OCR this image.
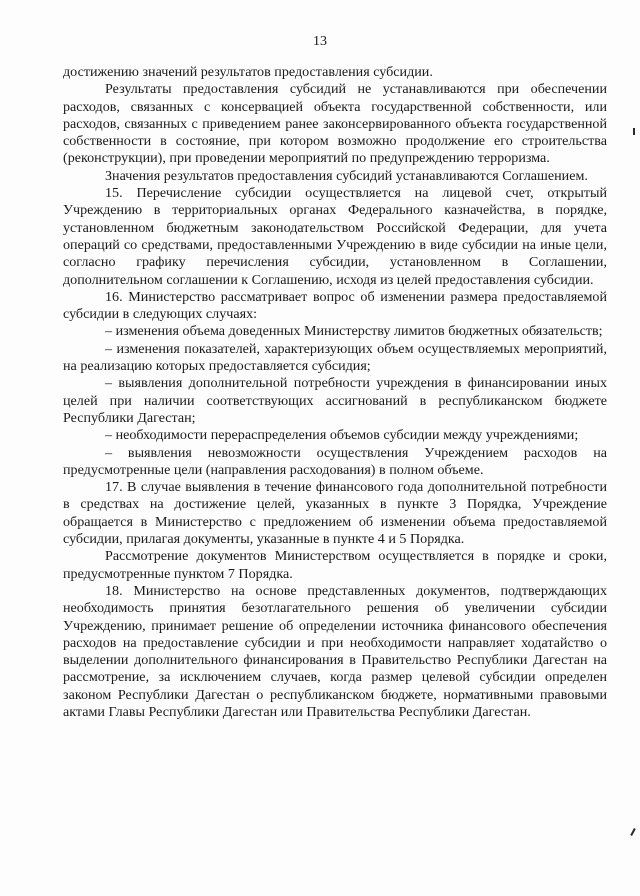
13

достижению значений результатов предоставления субсидии.

Результаты предоставления субсидий не устанавливаются при обеспечении расходов, связанных с консервацией объекта государственной собственности, или расходов, связанных с приведением ранее законсервированного объекта государственной собственности в состояние, при котором возможно продолжение его строительства (реконструкции), при проведении мероприятий по предупреждению терроризма.

Значения результатов предоставления субсидий устанавливаются Соглашением.

15. Перечисление субсидии осуществляется на лицевой счет, открытый Учреждению в территориальных органах Федерального казначейства, в порядке, установленном бюджетным законодательством Российской Федерации, для учета операций со средствами, предоставленными Учреждению в виде субсидии на иные цели, согласно графику перечисления субсидии, установленном в Соглашении, дополнительном соглашении к Соглашению, исходя из целей предоставления субсидии.

16. Министерство рассматривает вопрос об изменении размера предоставляемой субсидии в следующих случаях:

– изменения объема доведенных Министерству лимитов бюджетных обязательств;

– изменения показателей, характеризующих объем осуществляемых мероприятий, на реализацию которых предоставляется субсидия;

– выявления дополнительной потребности учреждения в финансировании иных целей при наличии соответствующих ассигнований в республиканском бюджете Республики Дагестан;

– необходимости перераспределения объемов субсидии между учреждениями;

– выявления невозможности осуществления Учреждением расходов на предусмотренные цели (направления расходования) в полном объеме.

17. В случае выявления в течение финансового года дополнительной потребности в средствах на достижение целей, указанных в пункте 3 Порядка, Учреждение обращается в Министерство с предложением об изменении объема предоставляемой субсидии, прилагая документы, указанные в пункте 4 и 5 Порядка.

Рассмотрение документов Министерством осуществляется в порядке и сроки, предусмотренные пунктом 7 Порядка.

18. Министерство на основе представленных документов, подтверждающих необходимость принятия безотлагательного решения об увеличении субсидии Учреждению, принимает решение об определении источника финансового обеспечения расходов на предоставление субсидии и при необходимости направляет ходатайство о выделении дополнительного финансирования в Правительство Республики Дагестан на рассмотрение, за исключением случаев, когда размер целевой субсидии определен законом Республики Дагестан о республиканском бюджете, нормативными правовыми актами Главы Республики Дагестан или Правительства Республики Дагестан.
